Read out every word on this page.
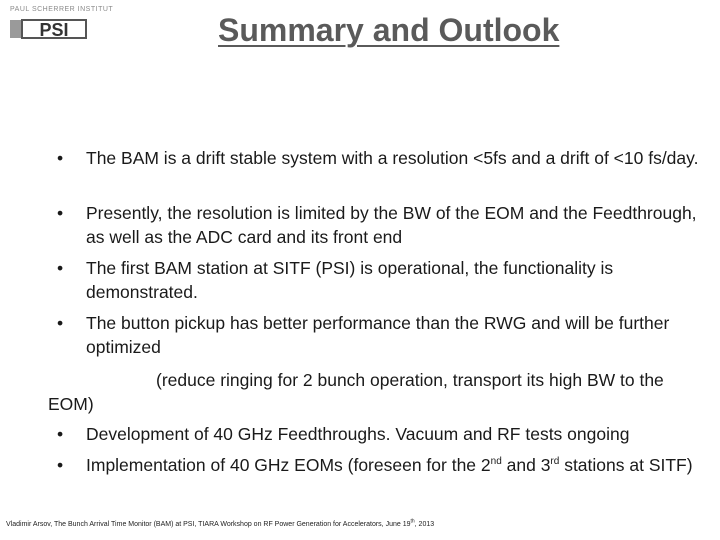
PAUL SCHERRER INSTITUT
PSI	Summary and Outlook
• The BAM is a drift stable system with a resolution <5fs and a drift of <10 fs/day.
• Presently, the resolution is limited by the BW of the EOM and the Feedthrough, as well as the ADC card and its front end
• The first BAM station at SITF (PSI) is operational, the functionality is demonstrated.
• The button pickup has better performance than the RWG and will be further optimized
(reduce ringing for 2 bunch operation, transport its high BW to the EOM)
• Development of 40 GHz Feedthroughs. Vacuum and RF tests ongoing
• Implementation of 40 GHz EOMs (foreseen for the 2nd and 3rd stations at SITF)
Vladimir Arsov, The Bunch Arrival Time Monitor (BAM) at PSI, TIARA Workshop on RF Power Generation for Accelerators, June 19th, 2013
